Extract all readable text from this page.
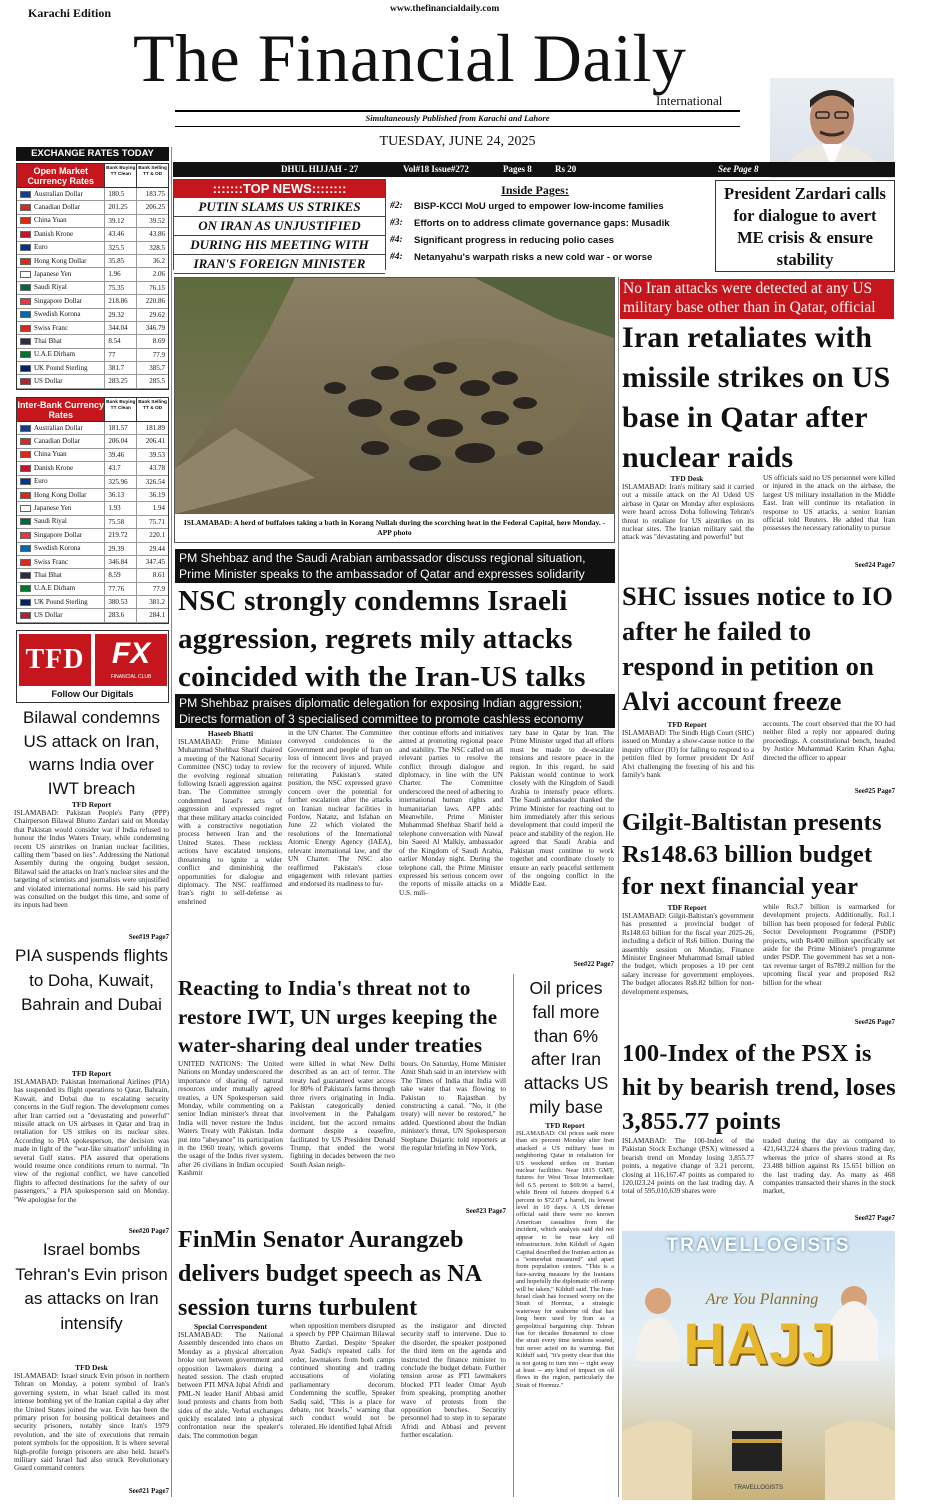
Karachi Edition	www.thefinancialdaily.com
The Financial Daily
International
Simultaneously Published from Karachi and Lahore
TUESDAY, JUNE 24, 2025
DHUL HIJJAH - 27	Vol#18 Issue#272	Pages 8	Rs 20	See Page 8
EXCHANGE RATES TODAY
Open Market Currency Rates
Bank Buying TT Clean
Bank Selling TT & OD
Australian Dollar	180.5	183.75
Canadian Dollar	201.25	206.25
China Yuan	39.12	39.52
Danish Krone	43.46	43.86
Euro	325.5	328.5
Hong Kong Dollar	35.85	36.2
Japanese Yen	1.96	2.06
Saudi Riyal	75.35	76.15
Singapore Dollar	218.86	220.86
Swedish Korona	29.32	29.62
Swiss Franc	344.04	346.79
Thai Bhat	8.54	8.69
U.A.E Dirham	77	77.9
UK Pound Sterling	381.7	385.7
US Dollar	283.25	285.5
Inter-Bank Currency Rates
Bank Buying TT Clean
Bank Selling TT & OD
Australian Dollar	181.57	181.89
Canadian Dollar	206.04	206.41
China Yuan	39.46	39.53
Danish Krone	43.7	43.78
Euro	325.96	326.54
Hong Kong Dollar	36.13	36.19
Japanese Yen	1.93	1.94
Saudi Riyal	75.58	75.71
Singapore Dollar	219.72	220.1
Swedish Korona	29.39	29.44
Swiss Franc	346.84	347.45
Thai Bhat	8.59	8.61
U.A.E Dirham	77.76	77.9
UK Pound Sterling	380.53	381.2
US Dollar	283.6	284.1
TFD FX
FINANCIAL CLUB
Follow Our Digitals
:::::::TOP NEWS::::::::
PUTIN SLAMS US STRIKES
ON IRAN AS UNJUSTIFIED
DURING HIS MEETING WITH
IRAN'S FOREIGN MINISTER
Inside Pages:
#2:	BISP-KCCI MoU urged to empower low-income families
#3:	Efforts on to address climate governance gaps: Musadik
#4:	Significant progress in reducing polio cases
#4:	Netanyahu's warpath risks a new cold war - or worse
President Zardari calls for dialogue to avert ME crisis & ensure stability
ISLAMABAD: A herd of buffaloes taking a bath in Korang Nullah during the scorching heat in the Federal Capital, here Monday. - APP photo
No Iran attacks were detected at any US
military base other than in Qatar, official
Iran retaliates with missile strikes on US base in Qatar after nuclear raids
TFD Desk
ISLAMABAD: Iran's military said it carried out a missile attack on the Al Udeid US airbase in Qatar on Monday after explosions were heard across Doha following Tehran's threat to retaliate for US airstrikes on its nuclear sites. The Iranian military said the attack was "devastating and powerful" but
US officials said no US personnel were killed or injured in the attack on the airbase, the largest US military installation in the Middle East. Iran will continue its retaliation in response to US attacks, a senior Iranian official told Reuters. He added that Iran possesses the necessary rationality to pursue
See#24 Page7
PM Shehbaz and the Saudi Arabian ambassador discuss regional situation,
Prime Minister speaks to the ambassador of Qatar and expresses solidarity
NSC strongly condemns Israeli aggression, regrets mily attacks coincided with the Iran-US talks
PM Shehbaz praises diplomatic delegation for exposing Indian aggression;
Directs formation of 3 specialised committee to promote cashless economy
Haseeb Bhatti
ISLAMABAD: Prime Minister Muhammad Shehbaz Sharif chaired a meeting of the National Security Committee (NSC) today to review the evolving regional situation following Israeli aggression against Iran. The Committee strongly condemned Israel's acts of aggression and expressed regret that these military attacks coincided with a constructive negotiation process between Iran and the United States. These reckless actions have escalated tensions, threatening to ignite a wider conflict and diminishing the opportunities for dialogue and diplomacy. The NSC reaffirmed Iran's right to self-defense as enshrined
in the UN Charter. The Committee conveyed condolences to the Government and people of Iran on loss of innocent lives and prayed for the recovery of injured. While reiterating Pakistan's stated position, the NSC expressed grave concern over the potential for further escalation after the attacks on Iranian nuclear facilities in Fordow, Natanz, and Isfahan on June 22 which violated the resolutions of the International Atomic Energy Agency (IAEA), relevant international law, and the UN Charter. The NSC also reaffirmed Pakistan's close engagement with relevant parties and endorsed its readiness to fur-
ther continue efforts and initiatives aimed at promoting regional peace and stability. The NSC called on all relevant parties to resolve the conflict through dialogue and diplomacy, in line with the UN Charter. The Committee underscored the need of adhering to international human rights and humanitarian laws. APP adds: Meanwhile, Prime Minister Muhammad Shehbaz Sharif held a telephone conversation with Nawaf bin Saeed Al Malkiy, ambassador of the Kingdom of Saudi Arabia, earlier Monday night. During the telephone call, the Prime Minister expressed his serious concern over the reports of missile attacks on a U.S. mili-
tary base in Qatar by Iran. The Prime Minister urged that all efforts must be made to de-escalate tensions and restore peace in the region. In this regard, he said Pakistan would continue to work closely with the Kingdom of Saudi Arabia to intensify peace efforts. The Saudi ambassador thanked the Prime Minister for reaching out to him immediately after this serious development that could imperil the peace and stability of the region. He agreed that Saudi Arabia and Pakistan must continue to work together and coordinate closely to ensure an early peaceful settlement of the ongoing conflict in the Middle East.
See#22 Page7
SHC issues notice to IO after he failed to respond in petition on Alvi account freeze
TFD Report
ISLAMABAD: The Sindh High Court (SHC) issued on Monday a show-cause notice to the inquiry officer (IO) for failing to respond to a petition filed by former president Dr Arif Alvi challenging the freezing of his and his family's bank
accounts. The court observed that the IO had neither filed a reply nor appeared during proceedings. A constitutional bench, headed by Justice Muhammad Karim Khan Agha, directed the officer to appear
See#25 Page7
Gilgit-Baltistan presents Rs148.63 billion budget for next financial year
TDF Report
ISLAMABAD: Gilgit-Baltistan's government has presented a provincial budget of Rs148.63 billion for the fiscal year 2025-26, including a deficit of Rs6 billion. During the assembly session on Monday, Finance Minister Engineer Muhammad Ismail tabled the budget, which proposes a 10 per cent salary increase for government employees. The budget allocates Rs8.82 billion for non-development expenses,
while Rs3.7 billion is earmarked for development projects. Additionally, Rs1.1 billion has been proposed for federal Public Sector Development Programme (PSDP) projects, with Rs400 million specifically set aside for the Prime Minister's programme under PSDP. The government has set a non-tax revenue target of Rs789.2 million for the upcoming fiscal year and proposed Rs2 billion for the wheat
See#26 Page7
Bilawal condemns US attack on Iran, warns India over IWT breach
TFD Report
ISLAMABAD: Pakistan People's Party (PPP) Chairperson Bilawal Bhutto Zardari said on Monday that Pakistan would consider war if India refused to honour the Indus Waters Treaty, while condemning recent US airstrikes on Iranian nuclear facilities, calling them "based on lies". Addressing the National Assembly during the ongoing budget session, Bilawal said the attacks on Iran's nuclear sites and the targeting of scientists and journalists were unjustified and violated international norms. He said his party was consulted on the budget this time, and some of its inputs had been
See#19 Page7
PIA suspends flights to Doha, Kuwait, Bahrain and Dubai
TFD Report
ISLAMABAD: Pakistan International Airlines (PIA) has suspended its flight operations to Qatar, Bahrain, Kuwait, and Dubai due to escalating security concerns in the Gulf region. The development comes after Iran carried out a "devastating and powerful" missile attack on US airbases in Qatar and Iraq in retaliation for US strikes on its nuclear sites. According to PIA spokesperson, the decision was made in light of the "war-like situation" unfolding in several Gulf states. PIA assured that operations would resume once conditions return to normal. "In view of the regional conflict, we have cancelled flights to affected destinations for the safety of our passengers," a PIA spokesperson said on Monday. "We apologise for the
See#20 Page7
Israel bombs Tehran's Evin prison as attacks on Iran intensify
TFD Desk
ISLAMABAD: Israel struck Evin prison in northern Tehran on Monday, a potent symbol of Iran's governing system, in what Israel called its most intense bombing yet of the Iranian capital a day after the United States joined the war. Evin has been the primary prison for housing political detainees and security prisoners, notably since Iran's 1979 revolution, and the site of executions that remain potent symbols for the opposition. It is where several high-profile foreign prisoners are also held. Israel's military said Israel had also struck Revolutionary Guard command centers
See#21 Page7
Reacting to India's threat not to restore IWT, UN urges keeping the water-sharing deal under treaties
UNITED NATIONS: The United Nations on Monday underscored the importance of sharing of natural resources under mutually agreed treaties, a UN Spokesperson said Monday, while commenting on a senior Indian minister's threat that India will never restore the Indus Waters Treaty with Pakistan. India put into "abeyance" its participation in the 1960 treaty, which governs the usage of the Indus river system, after 26 civilians in Indian occupied Kashmir
were killed in what New Delhi described as an act of terror. The treaty had guaranteed water access for 80% of Pakistan's farms through three rivers originating in India. Pakistan categorically denied involvement in the Pahalgam incident, but the accord remains dormant despite a ceasefire, facilitated by US President Donald Trump, that ended the worst fighting in decades between the two South Asian neigh-
bours. On Saturday, Home Minister Amit Shah said in an interview with The Times of India that India will take water that was flowing to Pakistan to Rajasthan by constructing a canal. "No, it (the treaty) will never be restored," he added. Questioned about the Indian minister's threat, UN Spokesperson Stephane Dujarric told reporters at the regular briefing in New York,
See#23 Page7
Oil prices fall more than 6% after Iran attacks US mily base
TFD Report
ISLAMABAD: Oil prices sank more than six percent Monday after Iran attacked a US military base in neighboring Qatar in retaliation for US weekend strikes on Iranian nuclear facilities. Near 1815 GMT, futures for West Texas Intermediate fell 6.5 percent to $69.96 a barrel, while Brent oil futures dropped 6.4 percent to $72.07 a barrel, its lowest level in 10 days. A US defense official said there were no known American casualties from the incident, which analysts said did not appear to be near key oil infrastructure. John Kilduff of Again Capital described the Iranian action as a "somewhat measured" and apart from population centers. "This is a face-saving measure by the Iranians and hopefully the diplomatic off-ramp will be taken," Kilduff said. The Iran-Israel clash has focused worry on the Strait of Hormuz, a strategic waterway for seaborne oil that has long been used by Iran as a geopolitical bargaining chip. Tehran has for decades threatened to close the strait every time tensions soared, but never acted on its warning. But Kilduff said, "it's pretty clear that this is not going to turn into -- right away at least -- any kind of impact on oil flows in the region, particularly the Strait of Hormuz."
100-Index of the PSX is hit by bearish trend, loses 3,855.77 points
ISLAMABAD: The 100-Index of the Pakistan Stock Exchange (PSX) witnessed a bearish trend on Monday losing 3,855.77 points, a negative change of 3.21 percent, closing at 116,167.47 points as compared to 120,023.24 points on the last trading day. A total of 595,010,639 shares were
traded during the day as compared to 421,643,224 shares the previous trading day, whereas the price of shares stood at Rs 23.488 billion against Rs 15.651 billion on the last trading day. As many as 468 companies transacted their shares in the stock market,
See#27 Page7
FinMin Senator Aurangzeb delivers budget speech as NA session turns turbulent
Special Correspondent
ISLAMABAD: The National Assembly descended into chaos on Monday as a physical altercation broke out between government and opposition lawmakers during a heated session. The clash erupted between PTI MNA Iqbal Afridi and PML-N leader Hanif Abbasi amid loud protests and chants from both sides of the aisle. Verbal exchanges quickly escalated into a physical confrontation near the speaker's dais. The commotion began
when opposition members disrupted a speech by PPP Chairman Bilawal Bhutto Zardari. Despite Speaker Ayaz Sadiq's repeated calls for order, lawmakers from both camps continued shouting and trading accusations of violating parliamentary decorum. Condemning the scuffle, Speaker Sadiq said, "This is a place for debate, not brawls," warning that such conduct would not be tolerated. He identified Iqbal Afridi
as the instigator and directed security staff to intervene. Due to the disorder, the speaker postponed the third item on the agenda and instructed the finance minister to conclude the budget debate. Further tension arose as PTI lawmakers blocked PTI leader Omar Ayub from speaking, prompting another wave of protests from the opposition benches. Security personnel had to step in to separate Afridi and Abbasi and prevent further escalation.
TRAVELLOGISTS
Are You Planning
HAJJ
TRAVELLOGISTS
